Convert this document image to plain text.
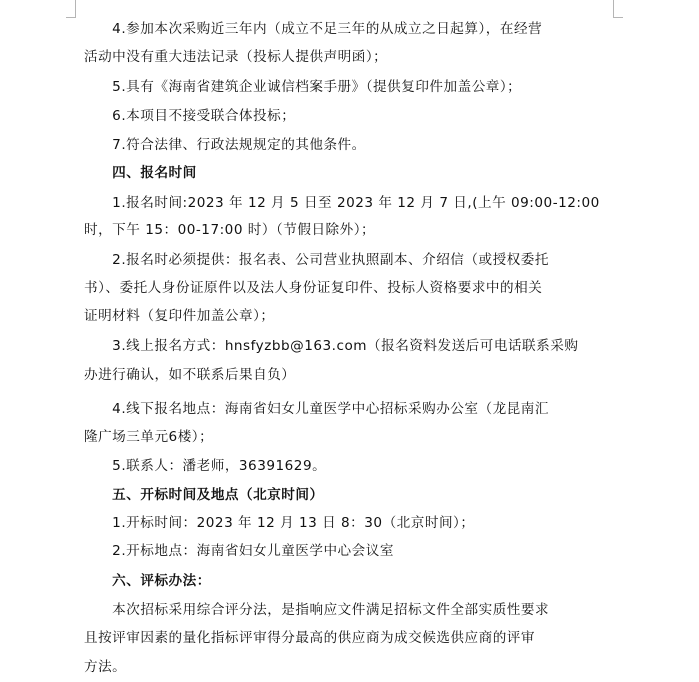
　　4.参加本次采购近三年内（成立不足三年的从成立之日起算），在经营
活动中没有重大违法记录（投标人提供声明函）；
　　5.具有《海南省建筑企业诚信档案手册》（提供复印件加盖公章）；
　　6.本项目不接受联合体投标；
　　7.符合法律、行政法规规定的其他条件。
　　四、报名时间
　　1.报名时间:2023 年 12 月 5 日至 2023 年 12 月 7 日,(上午 09:00-12:00
时，下午 15：00-17:00 时）（节假日除外）；
　　2.报名时必须提供：报名表、公司营业执照副本、介绍信（或授权委托
书）、委托人身份证原件以及法人身份证复印件、投标人资格要求中的相关
证明材料（复印件加盖公章）；
　　3.线上报名方式：hnsfyzbb@163.com（报名资料发送后可电话联系采购
办进行确认，如不联系后果自负）
　　4.线下报名地点：海南省妇女儿童医学中心招标采购办公室（龙昆南汇
隆广场三单元6楼）；
　　5.联系人：潘老师，36391629。
　　五、开标时间及地点（北京时间）
　　1.开标时间：2023 年 12 月 13 日 8：30（北京时间）；
　　2.开标地点：海南省妇女儿童医学中心会议室
　　六、评标办法：
　　本次招标采用综合评分法，是指响应文件满足招标文件全部实质性要求
且按评审因素的量化指标评审得分最高的供应商为成交候选供应商的评审
方法。
